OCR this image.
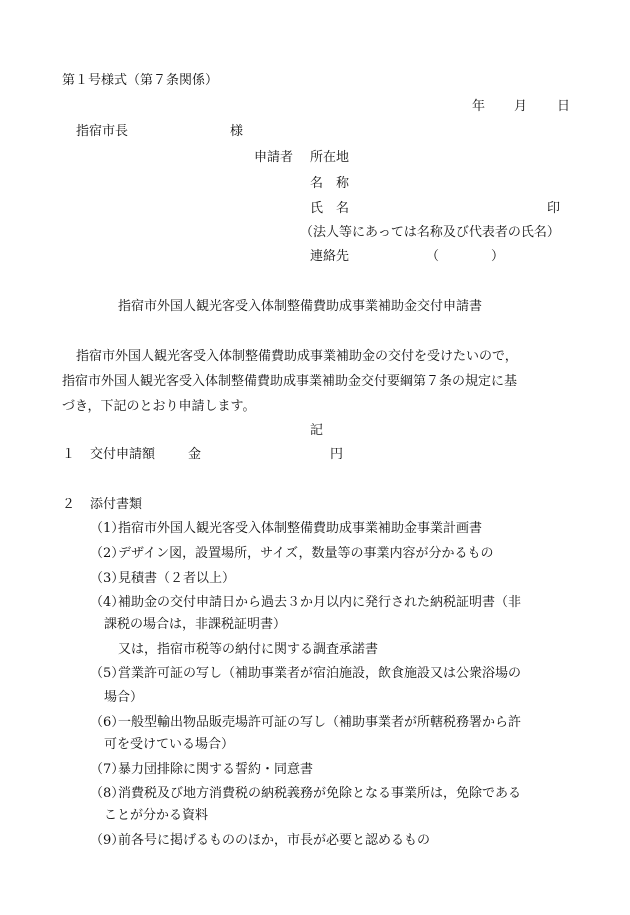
第１号様式（第７条関係）
年 月 日
指宿市長	様
申請者 所在地
名　称
氏　名	印
（法人等にあっては名称及び代表者の氏名）
連絡先	（　　　　）
指宿市外国人観光客受入体制整備費助成事業補助金交付申請書
指宿市外国人観光客受入体制整備費助成事業補助金の交付を受けたいので，
指宿市外国人観光客受入体制整備費助成事業補助金交付要綱第７条の規定に基
づき，下記のとおり申請します。
記
１ 交付申請額	金	円
２ 添付書類
（1）
指宿市外国人観光客受入体制整備費助成事業補助金事業計画書
（2）
デザイン図，設置場所，サイズ，数量等の事業内容が分かるもの
（3）
見積書（２者以上）
（4）
補助金の交付申請日から過去３か月以内に発行された納税証明書（非
課税の場合は，非課税証明書）
又は，指宿市税等の納付に関する調査承諾書
（5）
営業許可証の写し（補助事業者が宿泊施設，飲食施設又は公衆浴場の
場合）
（6）
一般型輸出物品販売場許可証の写し（補助事業者が所轄税務署から許
可を受けている場合）
（7）
暴力団排除に関する誓約・同意書
（8）
消費税及び地方消費税の納税義務が免除となる事業所は，免除である
ことが分かる資料
（9）
前各号に掲げるもののほか，市長が必要と認めるもの
